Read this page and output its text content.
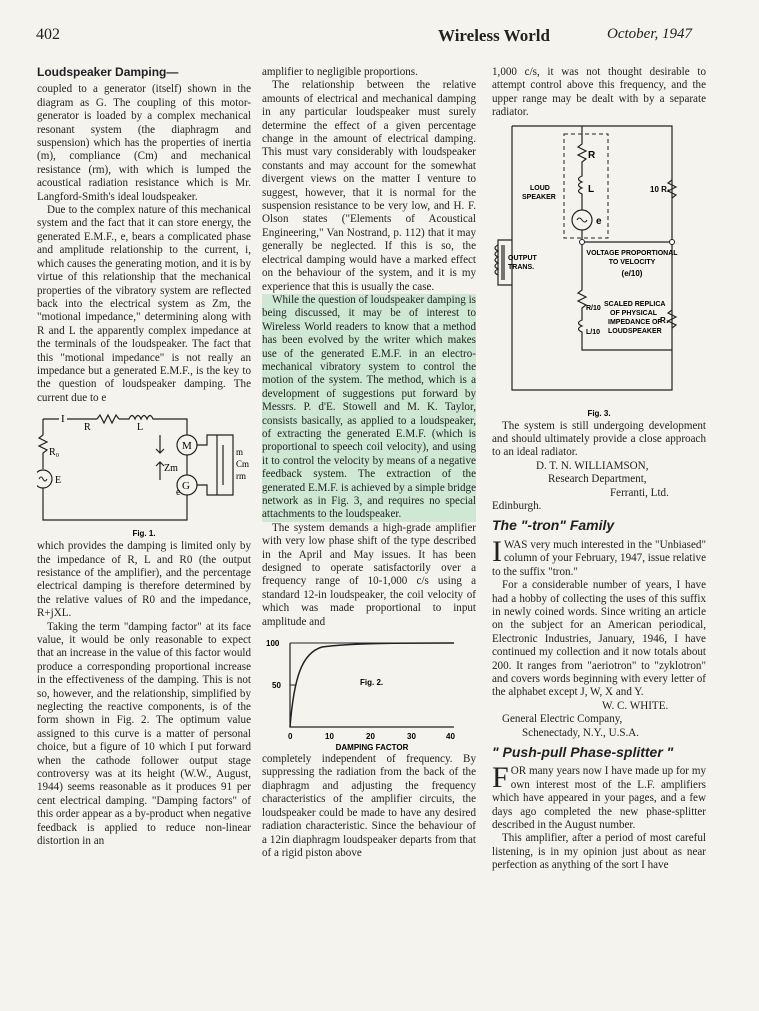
402	Wireless World	October, 1947
Loudspeaker Damping—

coupled to a generator (itself) shown in the diagram as G. The coupling of this motor-generator is loaded by a complex mechanical resonant system (the diaphragm and suspension) which has the properties of inertia (m), compliance (Cm) and mechanical resistance (rm), with which is lumped the acoustical radiation resistance which is Mr. Langford-Smith's ideal loudspeaker.

Due to the complex nature of this mechanical system and the fact that it can store energy, the generated E.M.F., e, bears a complicated phase and amplitude relationship to the current, i, which causes the generating motion, and it is by virtue of this relationship that the mechanical properties of the vibratory system are reflected back into the electrical system as Zm, the "motional impedance," determining along with R and L the apparently complex impedance at the terminals of the loudspeaker. The fact that this "motional impedance" is not really an impedance but a generated E.M.F., is the key to the question of loudspeaker damping. The current due to e

I
R	L
R₀
E
M
G
Zm
e
m
Cm
rm
Fig. 1.

which provides the damping is limited only by the impedance of R, L and R0 (the output resistance of the amplifier), and the percentage electrical damping is therefore determined by the relative values of R0 and the impedance, R+jXL.

Taking the term "damping factor" at its face value, it would be only reasonable to expect that an increase in the value of this factor would produce a corresponding proportional increase in the effectiveness of the damping. This is not so, however, and the relationship, simplified by neglecting the reactive components, is of the form shown in Fig. 2. The optimum value assigned to this curve is a matter of personal choice, but a figure of 10 which I put forward when the cathode follower output stage controversy was at its height (W.W., August, 1944) seems reasonable as it produces 91 per cent electrical damping. "Damping factors" of this order appear as a by-product when negative feedback is applied to reduce non-linear distortion in an

amplifier to negligible proportions.

The relationship between the relative amounts of electrical and mechanical damping in any particular loudspeaker must surely determine the effect of a given percentage change in the amount of electrical damping. This must vary considerably with loudspeaker constants and may account for the somewhat divergent views on the matter I venture to suggest, however, that it is normal for the suspension resistance to be very low, and H. F. Olson states ("Elements of Acoustical Engineering," Van Nostrand, p. 112) that it may generally be neglected. If this is so, the electrical damping would have a marked effect on the behaviour of the system, and it is my experience that this is usually the case.

While the question of loudspeaker damping is being discussed, it may be of interest to Wireless World readers to know that a method has been evolved by the writer which makes use of the generated E.M.F. in an electro-mechanical vibratory system to control the motion of the system. The method, which is a development of suggestions put forward by Messrs. P. d'E. Stowell and M. K. Taylor, consists basically, as applied to a loudspeaker, of extracting the generated E.M.F. (which is proportional to speech coil velocity), and using it to control the velocity by means of a negative feedback system. The extraction of the generated E.M.F. is achieved by a simple bridge network as in Fig. 3, and requires no special attachments to the loudspeaker.

The system demands a high-grade amplifier with very low phase shift of the type described in the April and May issues. It has been designed to operate satisfactorily over a frequency range of 10-1,000 c/s using a standard 12-in loudspeaker, the coil velocity of which was made proportional to input amplitude and

100
50	Fig. 2.
0	10	20	30	40
DAMPING FACTOR

completely independent of frequency. By suppressing the radiation from the back of the diaphragm and adjusting the frequency characteristics of the amplifier circuits, the loudspeaker could be made to have any desired radiation characteristic. Since the behaviour of a 12in diaphragm loudspeaker departs from that of a rigid piston above

1,000 c/s, it was not thought desirable to attempt control above this frequency, and the upper range may be dealt with by a separate radiator.

R
L
e
LOUD
SPEAKER
10 R₁
OUTPUT
TRANS.
VOLTAGE PROPORTIONAL
TO VELOCITY
(e/10)
R/10
L/10
SCALED REPLICA
OF PHYSICAL
IMPEDANCE OF
LOUDSPEAKER
R₁
Fig. 3.

The system is still undergoing development and should ultimately provide a close approach to an ideal radiator.

D. T. N. WILLIAMSON,

Research Department,

Ferranti, Ltd.

Edinburgh.

The "-tron" Family

IWAS very much interested in the "Unbiased" column of your February, 1947, issue relative to the suffix "tron."

For a considerable number of years, I have had a hobby of collecting the uses of this suffix in newly coined words. Since writing an article on the subject for an American periodical, Electronic Industries, January, 1946, I have continued my collection and it now totals about 200. It ranges from "aeriotron" to "zyklotron" and covers words beginning with every letter of the alphabet except J, W, X and Y.

W. C. WHITE.

General Electric Company,

Schenectady, N.Y., U.S.A.

" Push-pull Phase-splitter "

FOR many years now I have made up for my own interest most of the L.F. amplifiers which have appeared in your pages, and a few days ago completed the new phase-splitter described in the August number.

This amplifier, after a period of most careful listening, is in my opinion just about as near perfection as anything of the sort I have
